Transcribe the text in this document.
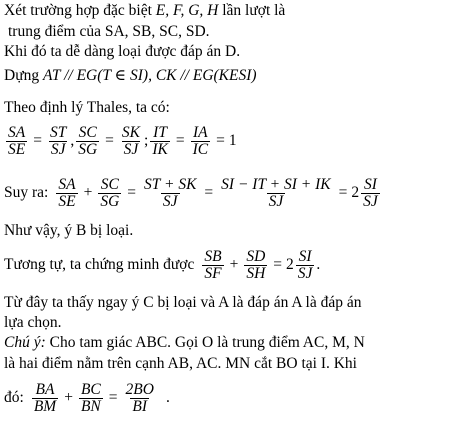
Xét trường hợp đặc biệt E, F, G, H lần lượt là
trung điểm của SA, SB, SC, SD.
Khi đó ta dễ dàng loại được đáp án D.
Dựng AT // EG(T ∈ SI), CK // EG(KESI)
Theo định lý Thales, ta có:
$\frac{SA}{SE} = \frac{ST}{SJ}$ , $\frac{SC}{SG} = \frac{SK}{SJ}$ ; $\frac{IT}{IK} = \frac{IA}{IC} = 1$
Suy ra: $\frac{SA}{SE} + \frac{SC}{SG} = \frac{ST + SK}{SJ} = \frac{SI - IT + SI + IK}{SJ} = 2 \frac{SI}{SJ}$
Như vậy, ý B bị loại.
Tương tự, ta chứng minh được $\frac{SB}{SF} + \frac{SD}{SH} = 2 \frac{SI}{SJ}$ .
Từ đây ta thấy ngay ý C bị loại và A là đáp án A là đáp án
lựa chọn.
Chú ý: Cho tam giác ABC. Gọi O là trung điểm AC, M, N
là hai điểm nằm trên cạnh AB, AC. MN cắt BO tại I. Khi
đó: $\frac{BA}{BM} + \frac{BC}{BN} = \frac{2BO}{BI}$ .
